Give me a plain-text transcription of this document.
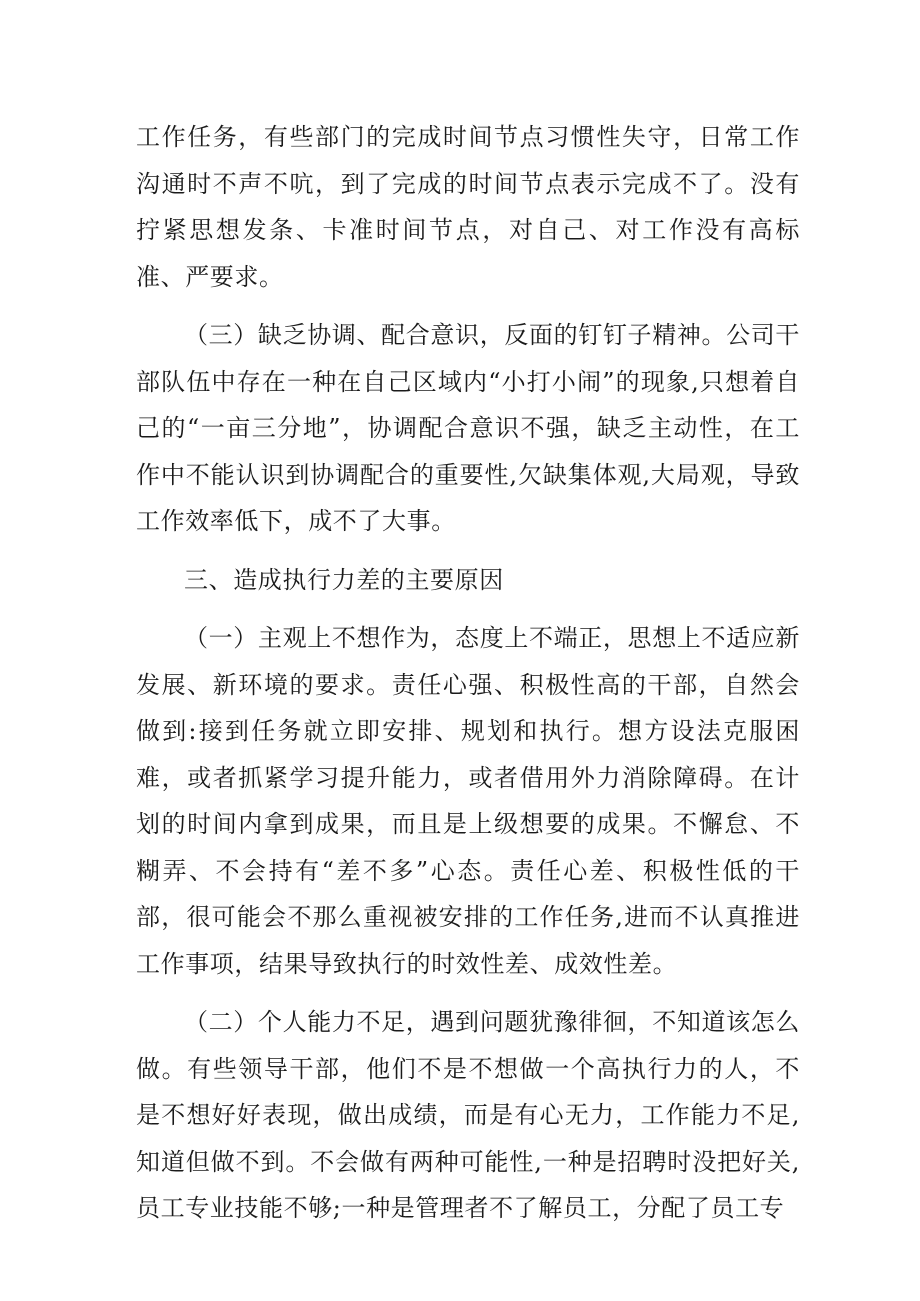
工作任务，有些部门的完成时间节点习惯性失守，日常工作沟通时不声不吭，到了完成的时间节点表示完成不了。没有拧紧思想发条、卡准时间节点，对自己、对工作没有高标准、严要求。

（三）缺乏协调、配合意识，反面的钉钉子精神。公司干部队伍中存在一种在自己区域内“小打小闹”的现象,只想着自己的“一亩三分地”，协调配合意识不强，缺乏主动性，在工作中不能认识到协调配合的重要性,欠缺集体观,大局观，导致工作效率低下，成不了大事。

三、造成执行力差的主要原因

（一）主观上不想作为，态度上不端正，思想上不适应新发展、新环境的要求。责任心强、积极性高的干部，自然会做到:接到任务就立即安排、规划和执行。想方设法克服困难，或者抓紧学习提升能力，或者借用外力消除障碍。在计划的时间内拿到成果，而且是上级想要的成果。不懈怠、不糊弄、不会持有“差不多”心态。责任心差、积极性低的干部，很可能会不那么重视被安排的工作任务,进而不认真推进工作事项，结果导致执行的时效性差、成效性差。

（二）个人能力不足，遇到问题犹豫徘徊，不知道该怎么做。有些领导干部，他们不是不想做一个高执行力的人，不是不想好好表现，做出成绩，而是有心无力，工作能力不足,知道但做不到。不会做有两种可能性,一种是招聘时没把好关,员工专业技能不够;一种是管理者不了解员工，分配了员工专
